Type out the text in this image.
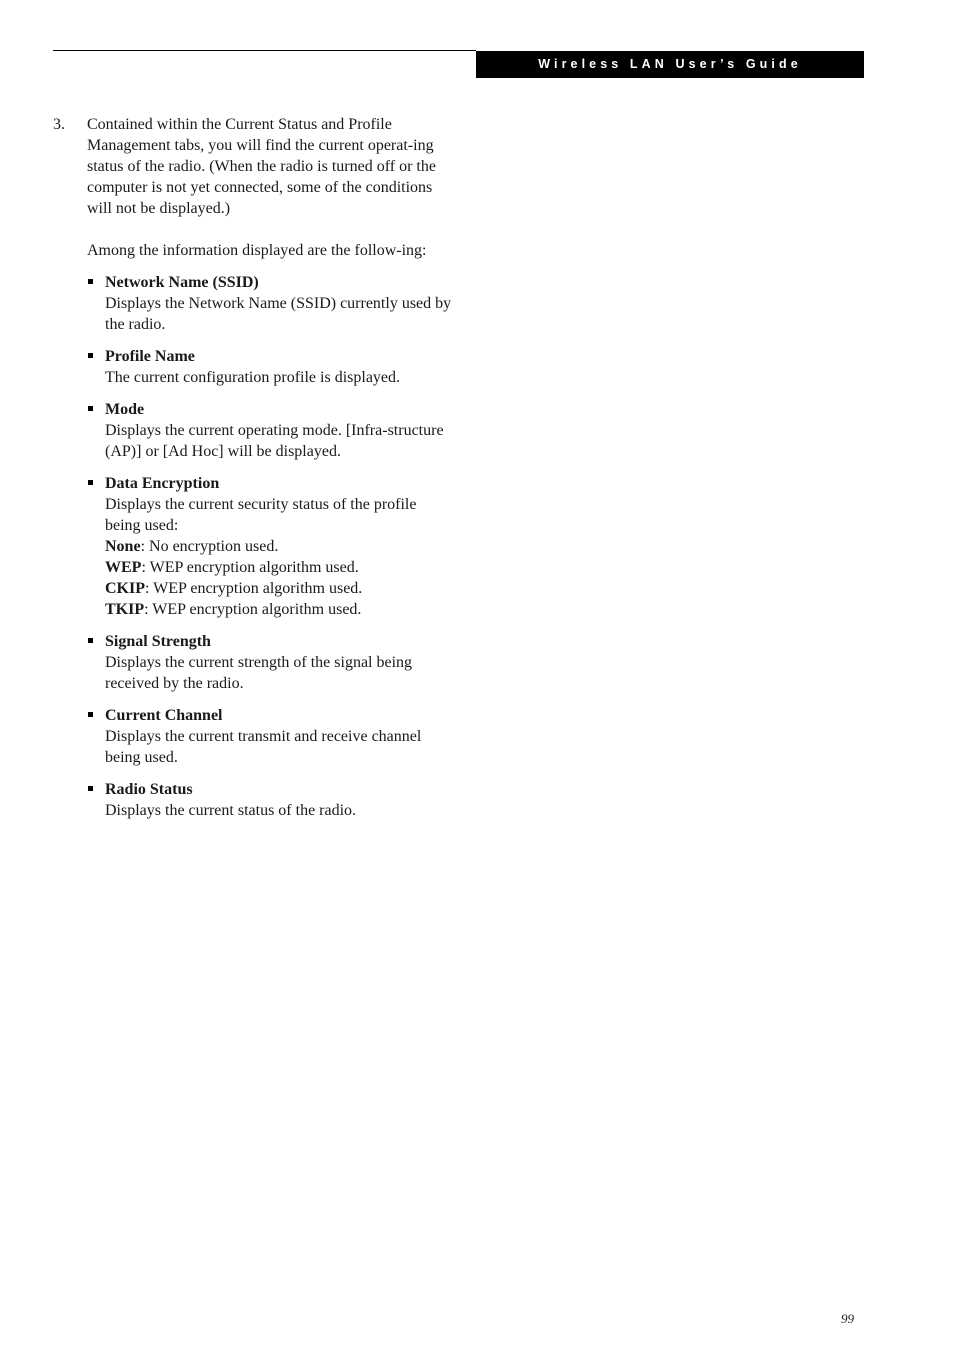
Wireless LAN User’s Guide
3. Contained within the Current Status and Profile Management tabs, you will find the current operat-ing status of the radio. (When the radio is turned off or the computer is not yet connected, some of the conditions will not be displayed.)

Among the information displayed are the follow-ing:

Network Name (SSID)
Displays the Network Name (SSID) currently used by the radio.
Profile Name
The current configuration profile is displayed.
Mode
Displays the current operating mode. [Infra-structure (AP)] or [Ad Hoc] will be displayed.
Data Encryption
Displays the current security status of the profile being used:
None: No encryption used.
WEP: WEP encryption algorithm used.
CKIP: WEP encryption algorithm used.
TKIP: WEP encryption algorithm used.
Signal Strength
Displays the current strength of the signal being received by the radio.
Current Channel
Displays the current transmit and receive channel being used.
Radio Status
Displays the current status of the radio.
99
